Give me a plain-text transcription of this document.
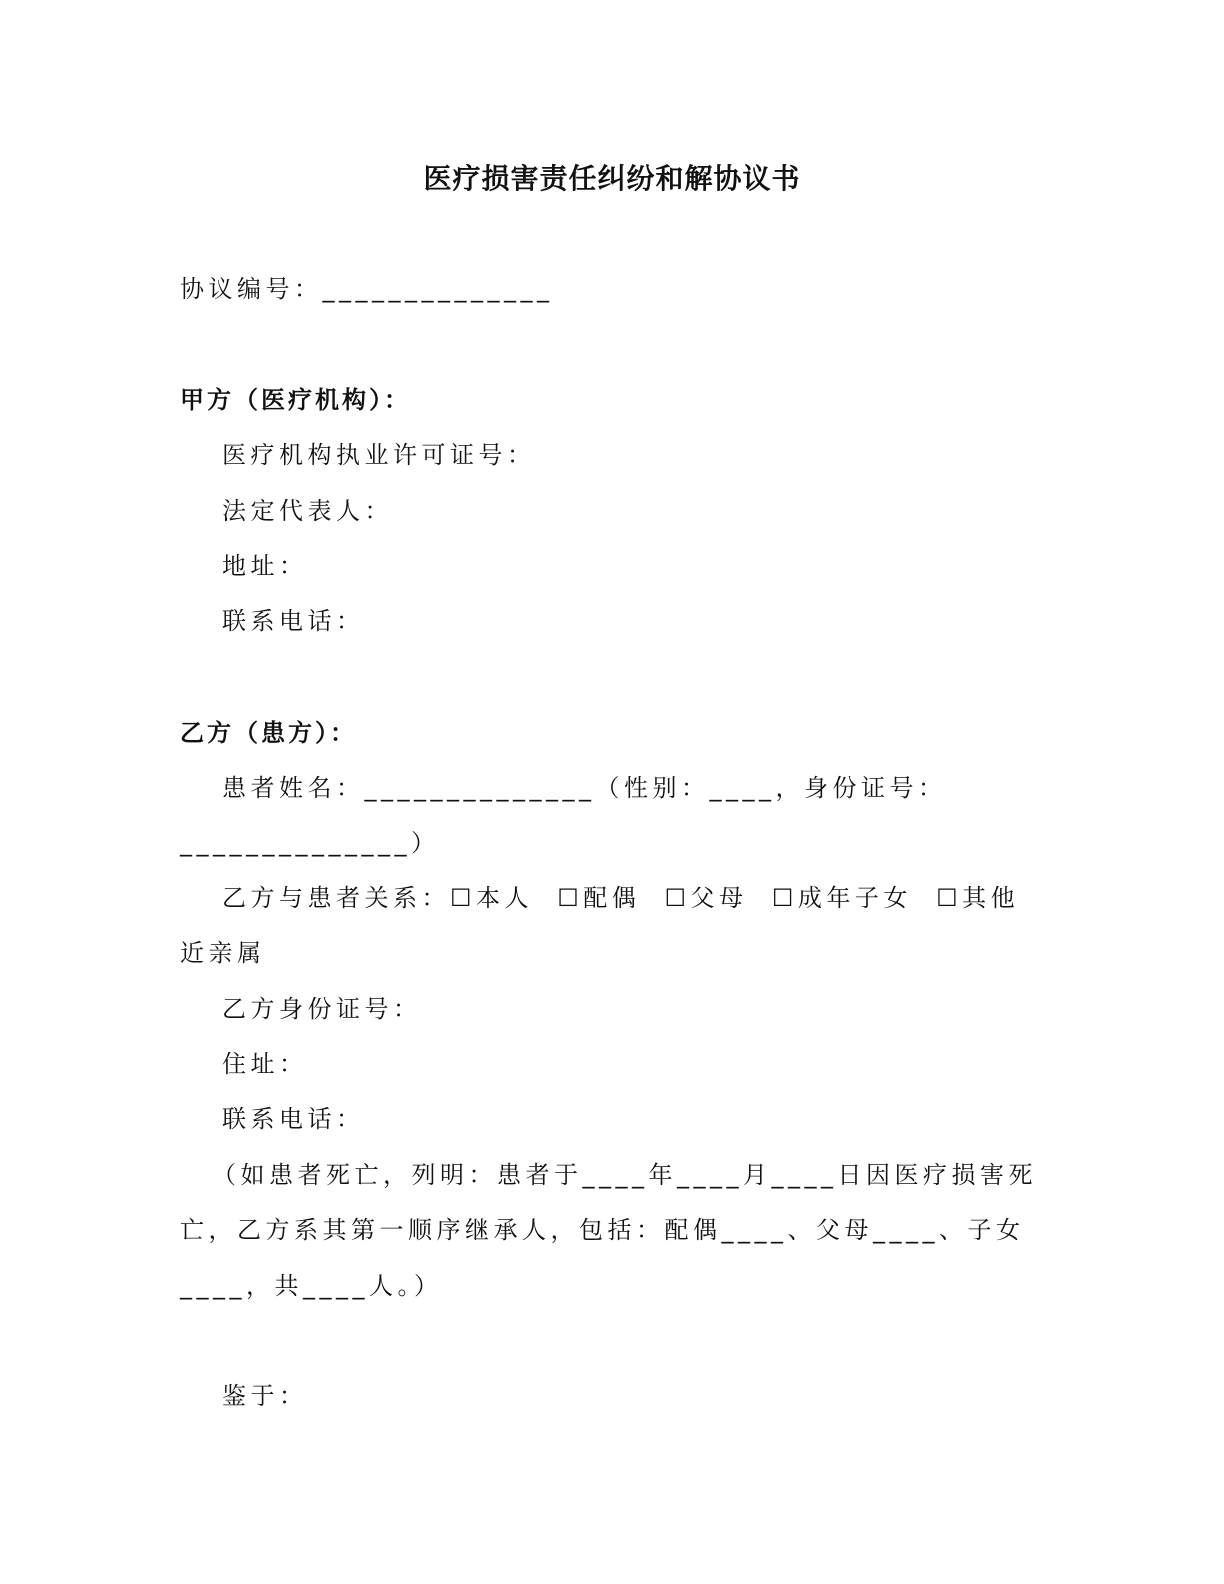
医疗损害责任纠纷和解协议书
协议编号：______________
甲方（医疗机构）：
医疗机构执业许可证号：
法定代表人：
地址：
联系电话：
乙方（患方）：
患者姓名：______________（性别：____，身份证号：
______________）
乙方与患者关系：☐本人  ☐配偶  ☐父母  ☐成年子女  ☐其他
近亲属
乙方身份证号：
住址：
联系电话：
（如患者死亡，列明：患者于____年____月____日因医疗损害死
亡，乙方系其第一顺序继承人，包括：配偶____、父母____、子女
____，共____人。）
鉴于：
